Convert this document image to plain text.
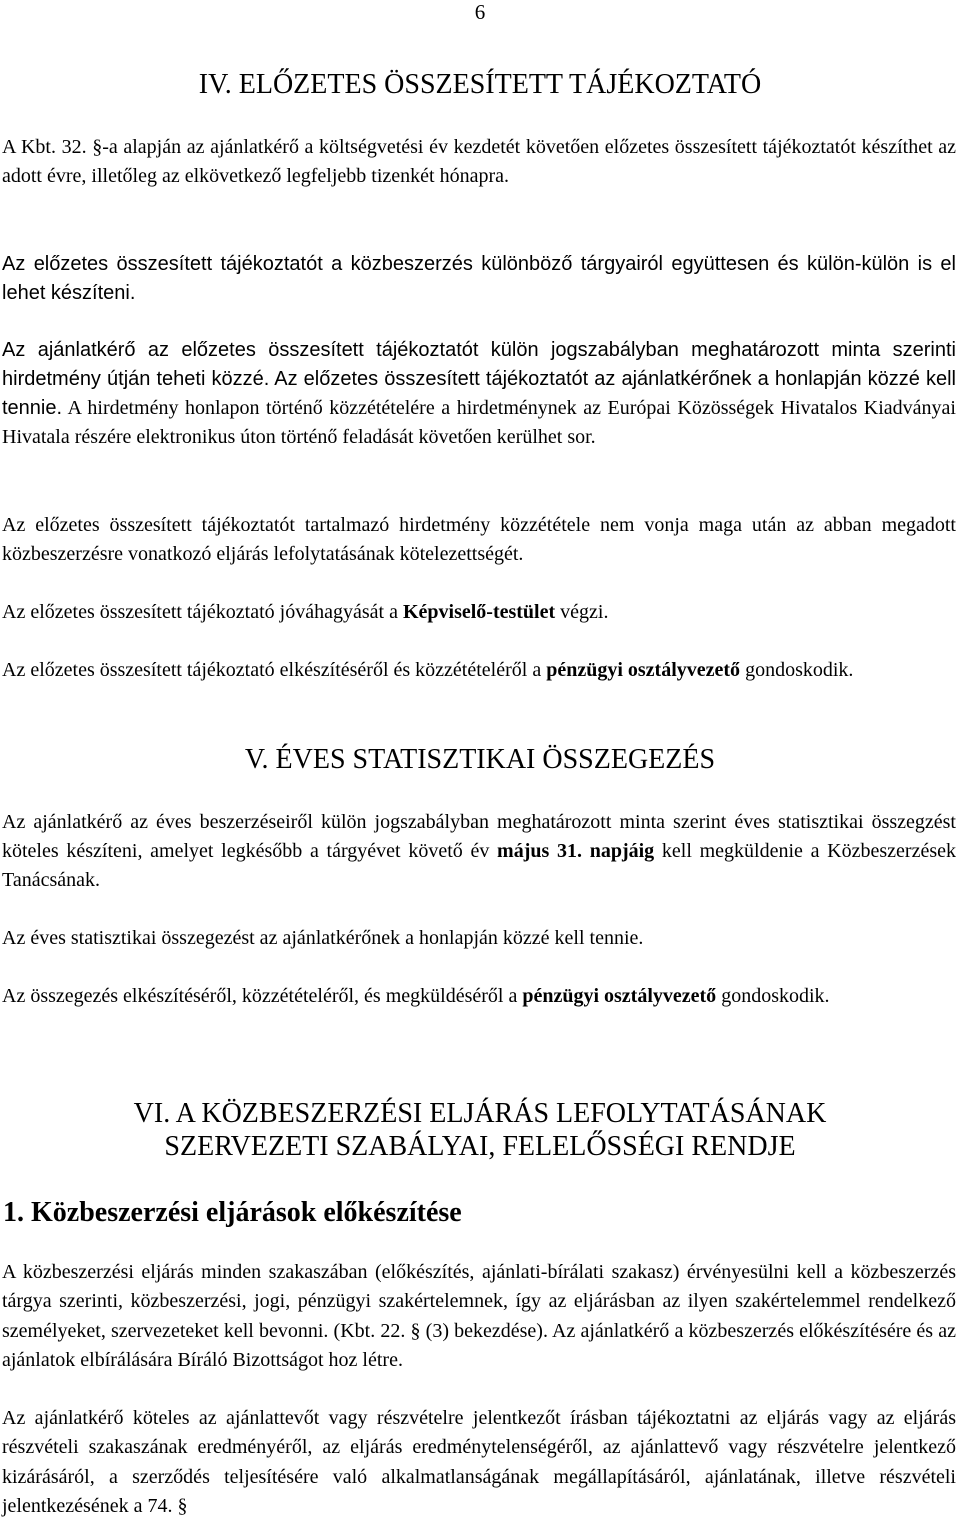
6
IV. ELŐZETES ÖSSZESÍTETT TÁJÉKOZTATÓ

A Kbt. 32. §-a alapján az ajánlatkérő a költségvetési év kezdetét követően előzetes összesített tájékoztatót készíthet az adott évre, illetőleg az elkövetkező legfeljebb tizenkét hónapra.

Az előzetes összesített tájékoztatót a közbeszerzés különböző tárgyairól együttesen és külön-külön is el lehet készíteni.

Az ajánlatkérő az előzetes összesített tájékoztatót külön jogszabályban meghatározott minta szerinti hirdetmény útján teheti közzé. Az előzetes összesített tájékoztatót az ajánlatkérőnek a honlapján közzé kell tennie. A hirdetmény honlapon történő közzétételére a hirdetménynek az Európai Közösségek Hivatalos Kiadványai Hivatala részére elektronikus úton történő feladását követően kerülhet sor.

Az előzetes összesített tájékoztatót tartalmazó hirdetmény közzététele nem vonja maga után az abban megadott közbeszerzésre vonatkozó eljárás lefolytatásának kötelezettségét.

Az előzetes összesített tájékoztató jóváhagyását a Képviselő-testület végzi.

Az előzetes összesített tájékoztató elkészítéséről és közzétételéről a pénzügyi osztályvezető gondoskodik.

V. ÉVES STATISZTIKAI ÖSSZEGEZÉS

Az ajánlatkérő az éves beszerzéseiről külön jogszabályban meghatározott minta szerint éves statisztikai összegzést köteles készíteni, amelyet legkésőbb a tárgyévet követő év május 31. napjáig kell megküldenie a Közbeszerzések Tanácsának.

Az éves statisztikai összegezést az ajánlatkérőnek a honlapján közzé kell tennie.

Az összegezés elkészítéséről, közzétételéről, és megküldéséről a pénzügyi osztályvezető gondoskodik.

VI. A KÖZBESZERZÉSI ELJÁRÁS LEFOLYTATÁSÁNAK
SZERVEZETI SZABÁLYAI, FELELŐSSÉGI RENDJE
1. Közbeszerzési eljárások előkészítése

A közbeszerzési eljárás minden szakaszában (előkészítés, ajánlati-bírálati szakasz) érvényesülni kell a közbeszerzés tárgya szerinti, közbeszerzési, jogi, pénzügyi szakértelemnek, így az eljárásban az ilyen szakértelemmel rendelkező személyeket, szervezeteket kell bevonni. (Kbt. 22. § (3) bekezdése). Az ajánlatkérő a közbeszerzés előkészítésére és az ajánlatok elbírálására Bíráló Bizottságot hoz létre.

Az ajánlatkérő köteles az ajánlattevőt vagy részvételre jelentkezőt írásban tájékoztatni az eljárás vagy az eljárás részvételi szakaszának eredményéről, az eljárás eredménytelenségéről, az ajánlattevő vagy részvételre jelentkező kizárásáról, a szerződés teljesítésére való alkalmatlanságának megállapításáról, ajánlatának, illetve részvételi jelentkezésének a 74. §
